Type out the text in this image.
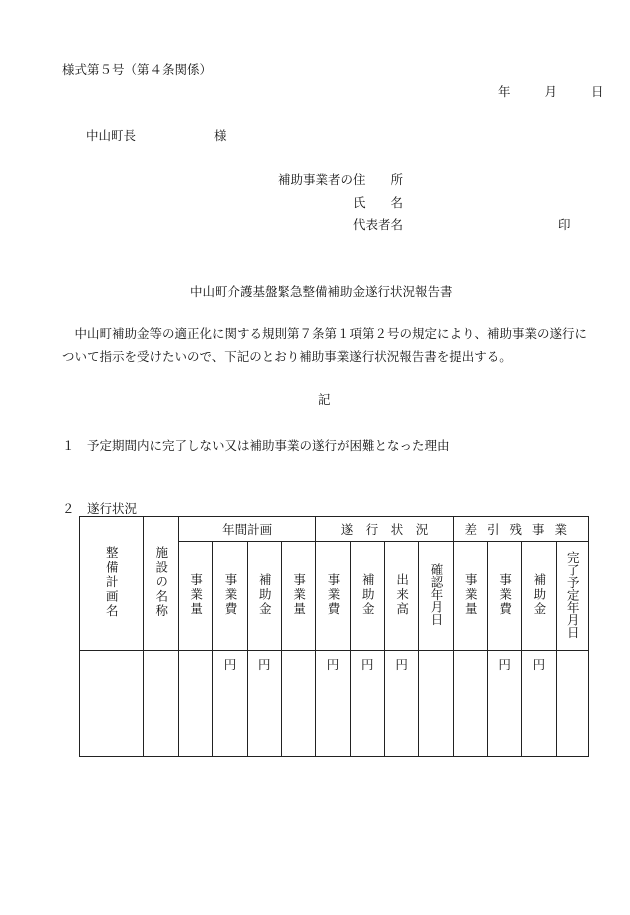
様式第５号（第４条関係）
年	月	日
中山町長	様
補助事業者の住　　所
氏　　名
代表者名	印
中山町介護基盤緊急整備補助金遂行状況報告書
　中山町補助金等の適正化に関する規則第７条第１項第２号の規定により、補助事業の遂行について指示を受けたいので、下記のとおり補助事業遂行状況報告書を提出する。
記
１　予定期間内に完了しない又は補助事業の遂行が困難となった理由
２　遂行状況
整備計画名	施設の名称	年間計画				遂　行　状　況				差引残事業			
		事業量	事業費	補助金	事業量	事業費	補助金	出来高	確認年月日	事業量	事業費	補助金	完了予定年月日
			円	円		円	円	円			円	円	
